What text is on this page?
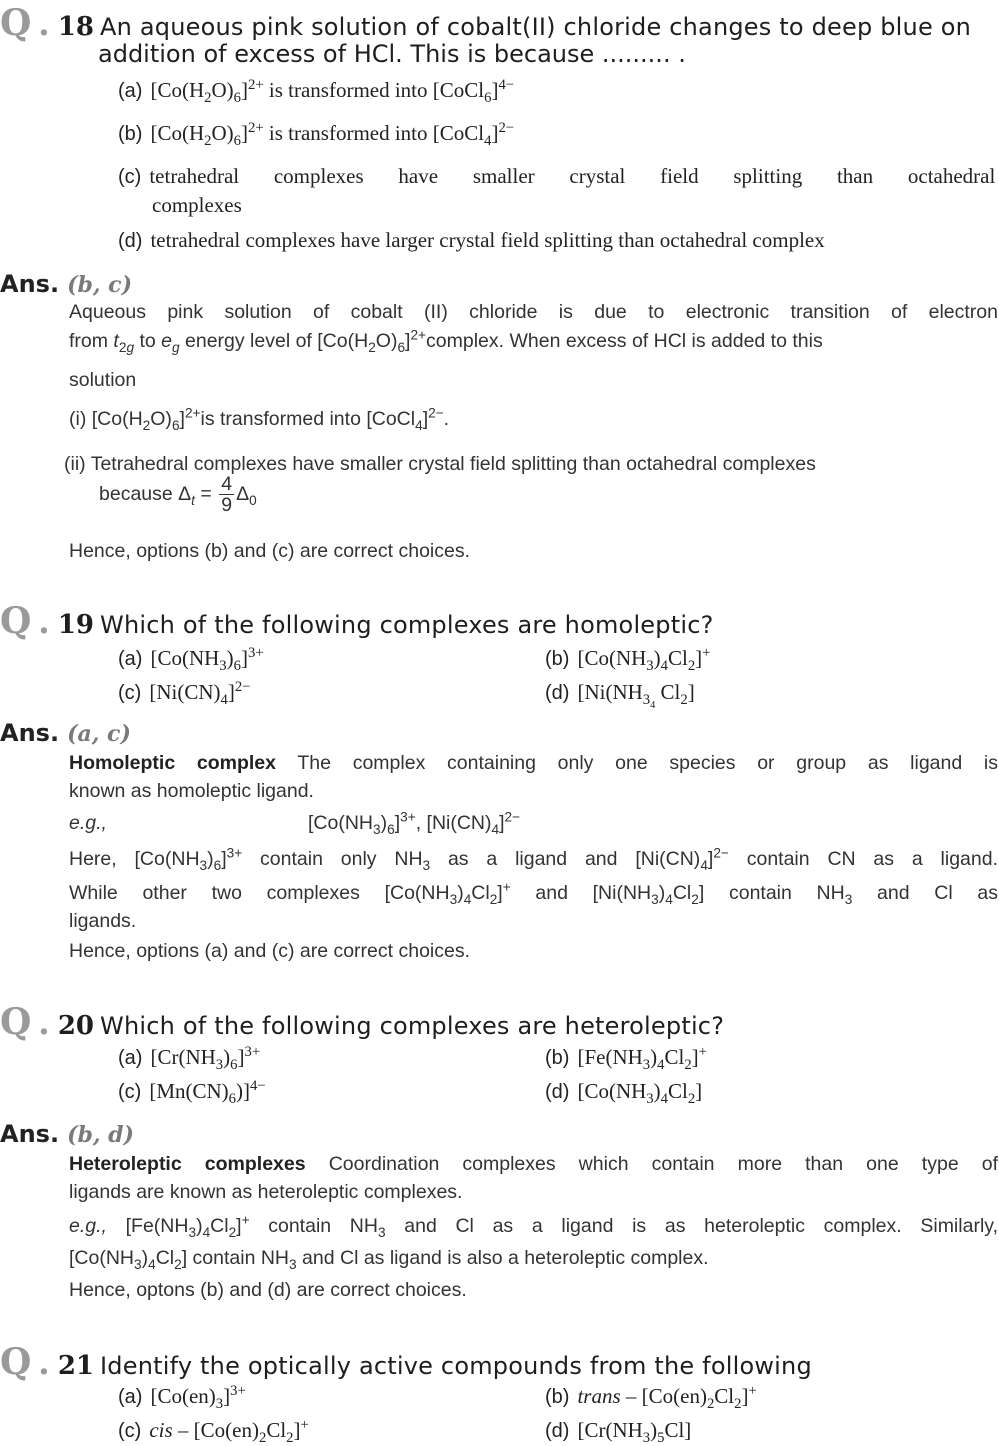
Q . 18 An aqueous pink solution of cobalt(II) chloride changes to deep blue on
addition of excess of HCl. This is because ......... .
(a) $[Co(H_2O)_6]^{2+}$ is transformed into [CoCl$_6$]$^{4-}$
(b) $[Co(H_2O)_6]^{2+}$ is transformed into [CoCl$_4$]$^{2-}$
(c) tetrahedral complexes have smaller crystal field splitting than octahedral
complexes
(d) tetrahedral complexes have larger crystal field splitting than octahedral complex
Ans. (b, c)
Aqueous pink solution of cobalt (II) chloride is due to electronic transition of electron
from $t_{2g}$ to $e_g$ energy level of $[Co(H_2O)_6]^{2+}complex$. When excess of HCl is added to this
solution
(i) $[Co(H_2O)_6]^{2+}is$ transformed into [CoCl$_4$]$^{2-}$.
(ii) Tetrahedral complexes have smaller crystal field splitting than octahedral complexes
because $\Delta_t = \frac{4}{9} \Delta_0$
Hence, options (b) and (c) are correct choices.
Q . 19 Which of the following complexes are homoleptic?
(a) $[Co(NH_3)_6]^{3+}$	(b) $[Co(NH_3)_4Cl_2]^+$
(c) $[Ni(CN)_4]^{2-}$	(d) [$Ni(NH_{3_4}$ $Cl_2$]
Ans. (a, c)
Homoleptic complex The complex containing only one species or group as ligand is
known as homoleptic ligand.
e.g.,	$[Co(NH_3)_6]^{3+}$, $[Ni(CN)_4]^{2-}$
Here, $[Co(NH_3)_6]^{3+}$ contain only $NH_3$ as a ligand and $[Ni(CN)_4]^{2-}$ contain CN as a ligand.
While other two complexes $[Co(NH_3)_4Cl_2]^+$ and $[Ni(NH_3)_4Cl_2]$ contain $NH_3$ and Cl as
ligands.
Hence, options (a) and (c) are correct choices.
Q . 20 Which of the following complexes are heteroleptic?
(a) $[Cr(NH_3)_6]^{3+}$	(b) $[Fe(NH_3)_4Cl_2]^+$
(c) $[Mn(CN)_6)]^{4-}$	(d) $[Co(NH_3)_4Cl_2]$
Ans. (b, d)
Heteroleptic complexes Coordination complexes which contain more than one type of
ligands are known as heteroleptic complexes.
e.g., $[Fe(NH_3)_4Cl_2]^+$ contain $NH_3$ and Cl as a ligand is as heteroleptic complex. Similarly,
$[Co(NH_3)_4Cl_2]$ contain $NH_3$ and Cl as ligand is also a heteroleptic complex.
Hence, optons (b) and (d) are correct choices.
Q . 21 Identify the optically active compounds from the following
(a) $[Co(en)_3]^{3+}$	(b) trans – $[Co(en)_2Cl_2]^+$
(c) cis – $[Co(en)_2Cl_2]^+$	(d) $[Cr(NH_3)_5Cl]$
